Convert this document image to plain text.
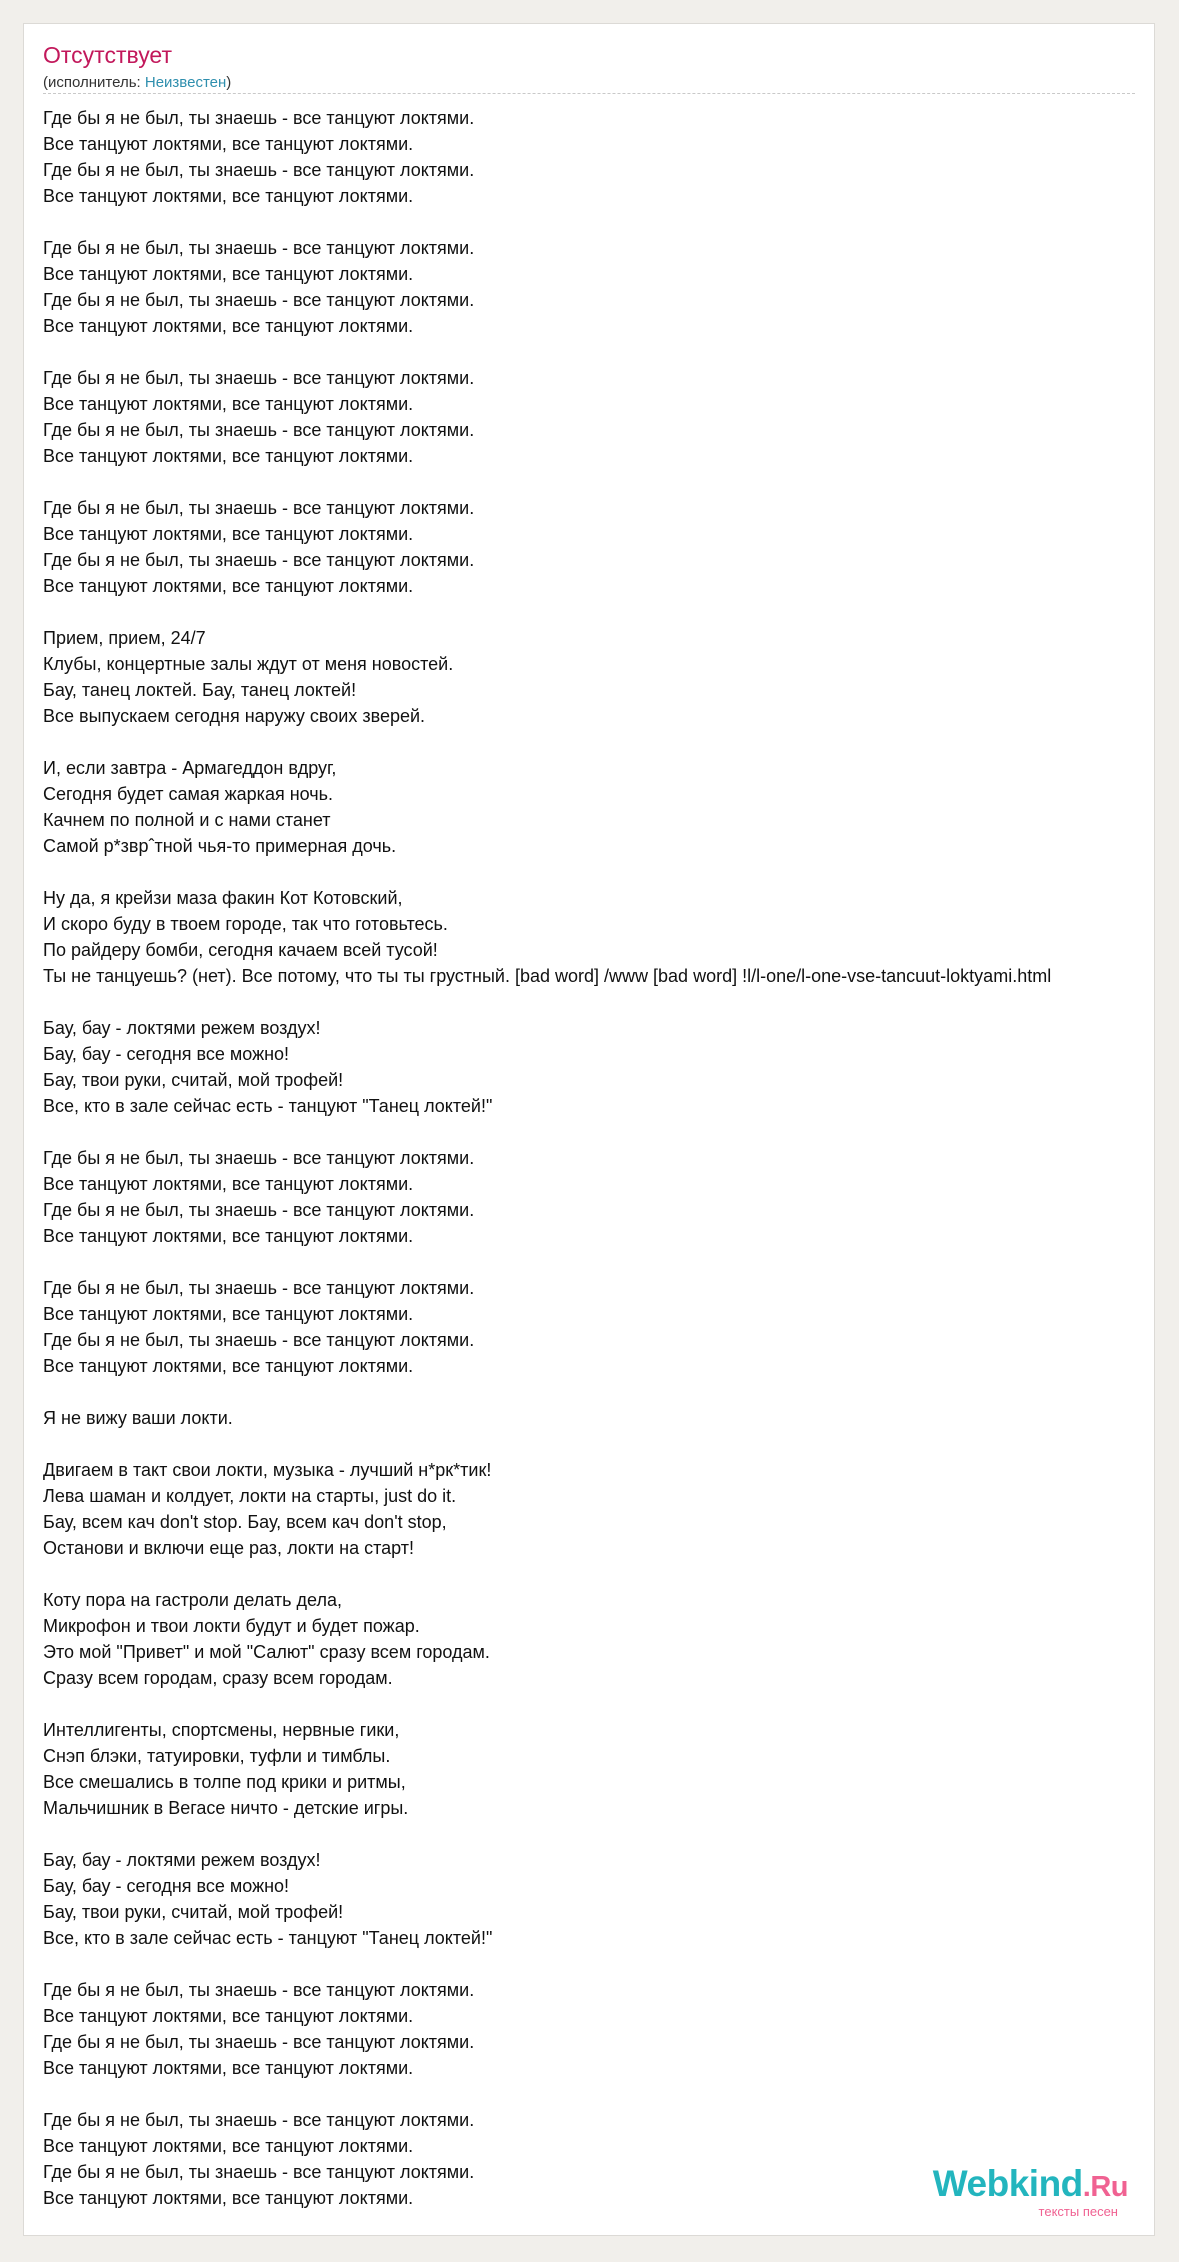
Отсутствует
(исполнитель: Неизвестен)
Где бы я не был, ты знаешь - все танцуют локтями.
Все танцуют локтями, все танцуют локтями.
Где бы я не был, ты знаешь - все танцуют локтями.
Все танцуют локтями, все танцуют локтями.
Где бы я не был, ты знаешь - все танцуют локтями.
Все танцуют локтями, все танцуют локтями.
Где бы я не был, ты знаешь - все танцуют локтями.
Все танцуют локтями, все танцуют локтями.
Где бы я не был, ты знаешь - все танцуют локтями.
Все танцуют локтями, все танцуют локтями.
Где бы я не был, ты знаешь - все танцуют локтями.
Все танцуют локтями, все танцуют локтями.
Где бы я не был, ты знаешь - все танцуют локтями.
Все танцуют локтями, все танцуют локтями.
Где бы я не был, ты знаешь - все танцуют локтями.
Все танцуют локтями, все танцуют локтями.
Прием, прием, 24/7
Клубы, концертные залы ждут от меня новостей.
Бау, танец локтей. Бау, танец локтей!
Все выпускаем сегодня наружу своих зверей.
И, если завтра - Армагеддон вдруг,
Сегодня будет самая жаркая ночь.
Качнем по полной и с нами станет
Самой р*зврˆтной чья-то примерная дочь.
Ну да, я крейзи маза факин Кот Котовский,
И скоро буду в твоем городе, так что готовьтесь.
По райдеру бомби, сегодня качаем всей тусой!
Ты не танцуешь? (нет). Все потому, что ты ты грустный. [bad word] /www [bad word] !l/l-one/l-one-vse-tancuut-loktyami.html
Бау, бау - локтями режем воздух!
Бау, бау - сегодня все можно!
Бау, твои руки, считай, мой трофей!
Все, кто в зале сейчас есть - танцуют "Танец локтей!"
Где бы я не был, ты знаешь - все танцуют локтями.
Все танцуют локтями, все танцуют локтями.
Где бы я не был, ты знаешь - все танцуют локтями.
Все танцуют локтями, все танцуют локтями.
Где бы я не был, ты знаешь - все танцуют локтями.
Все танцуют локтями, все танцуют локтями.
Где бы я не был, ты знаешь - все танцуют локтями.
Все танцуют локтями, все танцуют локтями.
Я не вижу ваши локти.
Двигаем в такт свои локти, музыка - лучший н*рк*тик!
Лева шаман и колдует, локти на старты, just do it.
Бау, всем кач don't stop. Бау, всем кач don't stop,
Останови и включи еще раз, локти на старт!
Коту пора на гастроли делать дела,
Микрофон и твои локти будут и будет пожар.
Это мой "Привет" и мой "Салют" сразу всем городам.
Сразу всем городам, сразу всем городам.
Интеллигенты, спортсмены, нервные гики,
Снэп блэки, татуировки, туфли и тимблы.
Все смешались в толпе под крики и ритмы,
Мальчишник в Вегасе ничто - детские игры.
Бау, бау - локтями режем воздух!
Бау, бау - сегодня все можно!
Бау, твои руки, считай, мой трофей!
Все, кто в зале сейчас есть - танцуют "Танец локтей!"
Где бы я не был, ты знаешь - все танцуют локтями.
Все танцуют локтями, все танцуют локтями.
Где бы я не был, ты знаешь - все танцуют локтями.
Все танцуют локтями, все танцуют локтями.
Где бы я не был, ты знаешь - все танцуют локтями.
Все танцуют локтями, все танцуют локтями.
Где бы я не был, ты знаешь - все танцуют локтями.
Все танцуют локтями, все танцуют локтями.	Webkind.Ru
тексты песен
